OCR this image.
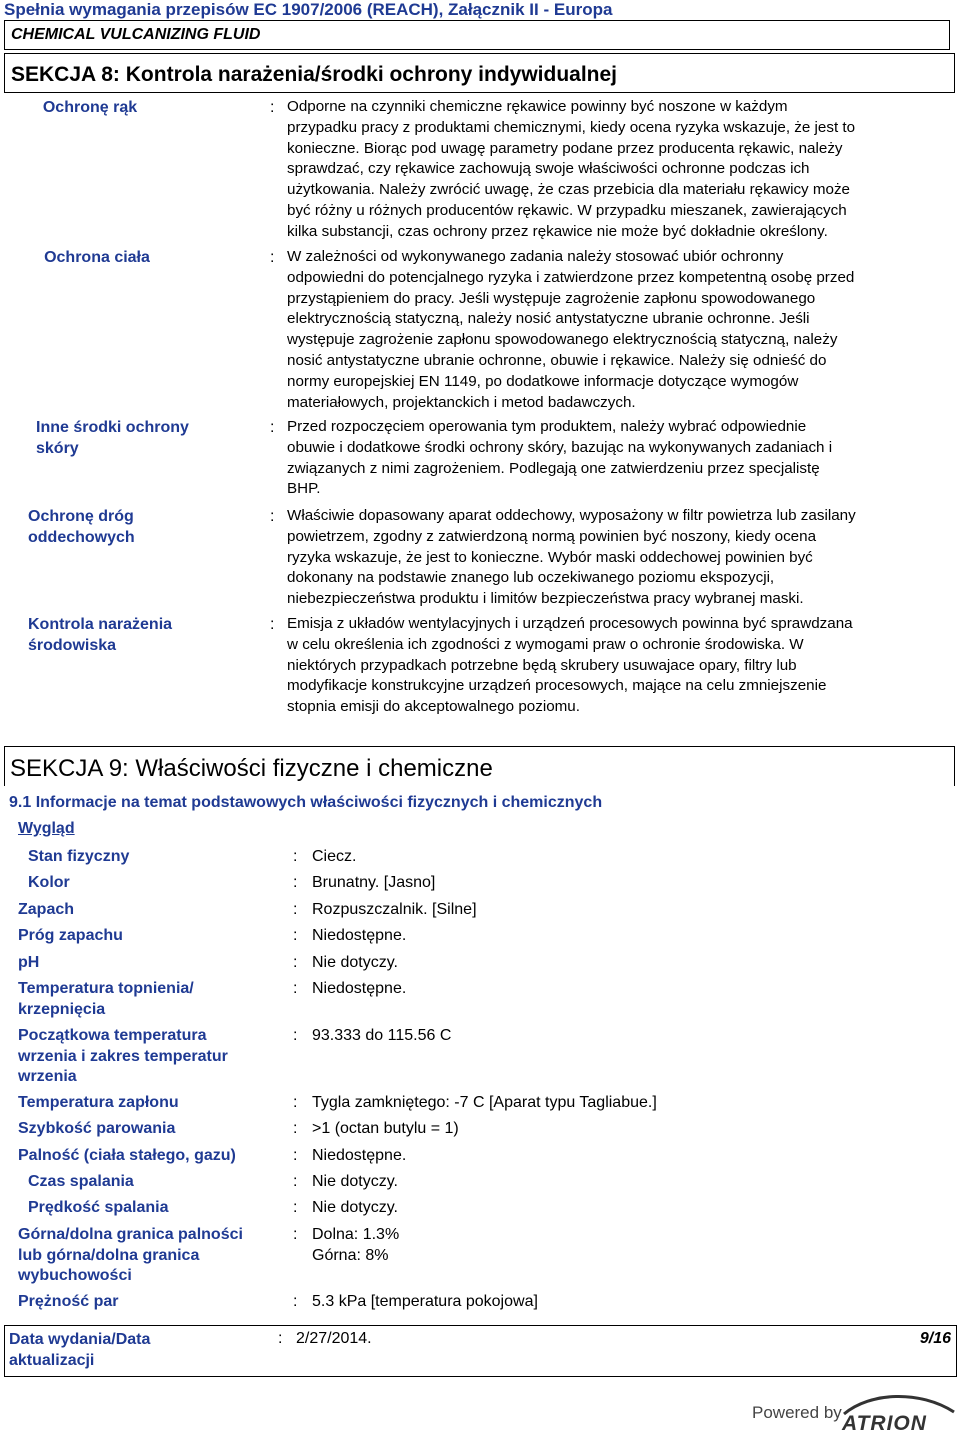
Spełnia wymagania przepisów EC 1907/2006 (REACH), Załącznik II - Europa
CHEMICAL VULCANIZING FLUID
SEKCJA 8: Kontrola narażenia/środki ochrony indywidualnej
Ochronę rąk	: Odporne na czynniki chemiczne rękawice powinny być noszone w każdym
przypadku pracy z produktami chemicznymi, kiedy ocena ryzyka wskazuje, że jest to
konieczne. Biorąc pod uwagę parametry podane przez producenta rękawic, należy
sprawdzać, czy rękawice zachowują swoje właściwości ochronne podczas ich
użytkowania. Należy zwrócić uwagę, że czas przebicia dla materiału rękawicy może
być różny u różnych producentów rękawic. W przypadku mieszanek, zawierających
kilka substancji, czas ochrony przez rękawice nie może być dokładnie określony.
Ochrona ciała	: W zależności od wykonywanego zadania należy stosować ubiór ochronny
odpowiedni do potencjalnego ryzyka i zatwierdzone przez kompetentną osobę przed
przystąpieniem do pracy. Jeśli występuje zagrożenie zapłonu spowodowanego
elektrycznością statyczną, należy nosić antystatyczne ubranie ochronne. Jeśli
występuje zagrożenie zapłonu spowodowanego elektrycznością statyczną, należy
nosić antystatyczne ubranie ochronne, obuwie i rękawice. Należy się odnieść do
normy europejskiej EN 1149, po dodatkowe informacje dotyczące wymogów
materiałowych, projektanckich i metod badawczych.
Inne środki ochrony
skóry
: Przed rozpoczęciem operowania tym produktem, należy wybrać odpowiednie
obuwie i dodatkowe środki ochrony skóry, bazując na wykonywanych zadaniach i
związanych z nimi zagrożeniem. Podlegają one zatwierdzeniu przez specjalistę
BHP.
Ochronę dróg
oddechowych
: Właściwie dopasowany aparat oddechowy, wyposażony w filtr powietrza lub zasilany
powietrzem, zgodny z zatwierdzoną normą powinien być noszony, kiedy ocena
ryzyka wskazuje, że jest to konieczne. Wybór maski oddechowej powinien być
dokonany na podstawie znanego lub oczekiwanego poziomu ekspozycji,
niebezpieczeństwa produktu i limitów bezpieczeństwa pracy wybranej maski.
Kontrola narażenia
środowiska
: Emisja z układów wentylacyjnych i urządzeń procesowych powinna być sprawdzana
w celu określenia ich zgodności z wymogami praw o ochronie środowiska. W
niektórych przypadkach potrzebne będą skrubery usuwajace opary, filtry lub
modyfikacje konstrukcyjne urządzeń procesowych, mające na celu zmniejszenie
stopnia emisji do akceptowalnego poziomu.
SEKCJA 9: Właściwości fizyczne i chemiczne
9.1 Informacje na temat podstawowych właściwości fizycznych i chemicznych
Wygląd
Stan fizyczny	: Ciecz.
Kolor	: Brunatny. [Jasno]
Zapach	: Rozpuszczalnik. [Silne]
Próg zapachu	: Niedostępne.
pH	: Nie dotyczy.
Temperatura topnienia/
krzepnięcia
: Niedostępne.
Początkowa temperatura
wrzenia i zakres temperatur
wrzenia
: 93.333 do 115.56 C
Temperatura zapłonu	: Tygla zamkniętego: -7 C [Aparat typu Tagliabue.]
Szybkość parowania	: >1 (octan butylu = 1)
Palność (ciała stałego, gazu)	: Niedostępne.
Czas spalania	: Nie dotyczy.
Prędkość spalania	: Nie dotyczy.
Górna/dolna granica palności
lub górna/dolna granica
wybuchowości
: Dolna: 1.3%
Górna: 8%
Prężność par	: 5.3 kPa [temperatura pokojowa]
Data wydania/Data
aktualizacji
: 2/27/2014.	9/16
Powered by ATRION
